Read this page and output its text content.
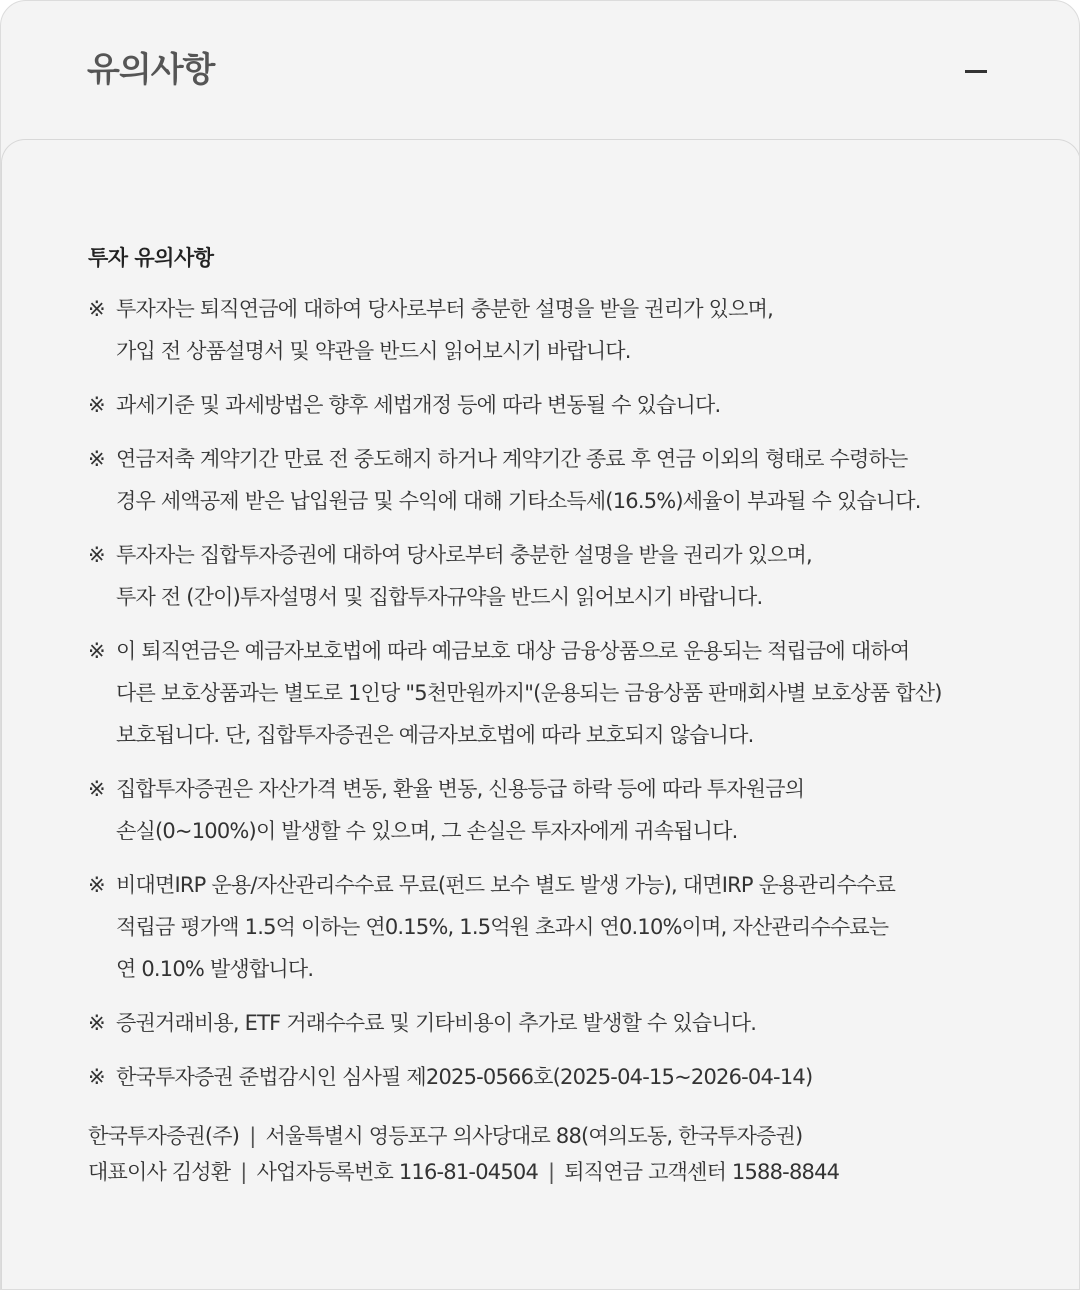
유의사항
투자 유의사항
※ 투자자는 퇴직연금에 대하여 당사로부터 충분한 설명을 받을 권리가 있으며,
가입 전 상품설명서 및 약관을 반드시 읽어보시기 바랍니다.
※ 과세기준 및 과세방법은 향후 세법개정 등에 따라 변동될 수 있습니다.
※ 연금저축 계약기간 만료 전 중도해지 하거나 계약기간 종료 후 연금 이외의 형태로 수령하는
경우 세액공제 받은 납입원금 및 수익에 대해 기타소득세(16.5%)세율이 부과될 수 있습니다.
※ 투자자는 집합투자증권에 대하여 당사로부터 충분한 설명을 받을 권리가 있으며,
투자 전 (간이)투자설명서 및 집합투자규약을 반드시 읽어보시기 바랍니다.
※ 이 퇴직연금은 예금자보호법에 따라 예금보호 대상 금융상품으로 운용되는 적립금에 대하여
다른 보호상품과는 별도로 1인당 "5천만원까지"(운용되는 금융상품 판매회사별 보호상품 합산)
보호됩니다. 단, 집합투자증권은 예금자보호법에 따라 보호되지 않습니다.
※ 집합투자증권은 자산가격 변동, 환율 변동, 신용등급 하락 등에 따라 투자원금의
손실(0~100%)이 발생할 수 있으며, 그 손실은 투자자에게 귀속됩니다.
※ 비대면IRP 운용/자산관리수수료 무료(펀드 보수 별도 발생 가능), 대면IRP 운용관리수수료
적립금 평가액 1.5억 이하는 연0.15%, 1.5억원 초과시 연0.10%이며, 자산관리수수료는
연 0.10% 발생합니다.
※ 증권거래비용, ETF 거래수수료 및 기타비용이 추가로 발생할 수 있습니다.
※ 한국투자증권 준법감시인 심사필 제2025-0566호(2025-04-15~2026-04-14)
한국투자증권(주) | 서울특별시 영등포구 의사당대로 88(여의도동, 한국투자증권)
대표이사 김성환 | 사업자등록번호 116-81-04504 | 퇴직연금 고객센터 1588-8844
